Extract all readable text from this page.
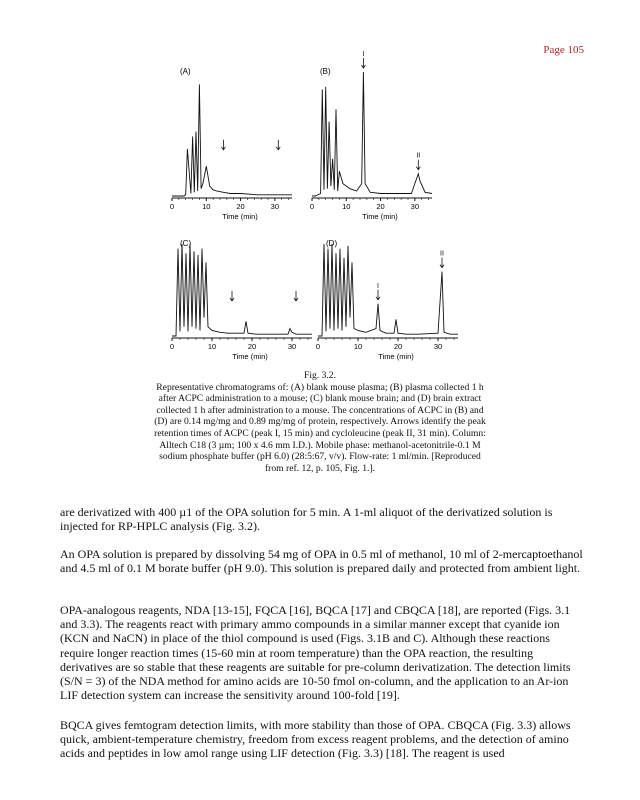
Page 105
(A)
0	10	20	30
Time (min)
(B)
0	10	20	30
Time (min)
I
II
(C)
0	10	20	30
Time (min)
(D)
0	10	20	30
Time (min)
I
II
Fig. 3.2.
Representative chromatograms of: (A) blank mouse plasma; (B) plasma collected 1 h after ACPC administration to a mouse; (C) blank mouse brain; and (D) brain extract collected 1 h after administration to a mouse. The concentrations of ACPC in (B) and (D) are 0.14 mg/mg and 0.89 mg/mg of protein, respectively. Arrows identify the peak retention times of ACPC (peak I, 15 min) and cycloleucine (peak II, 31 min). Column: Alltech C18 (3 µm; 100 x 4.6 mm I.D.). Mobile phase: methanol-acetonitrile-0.1 M sodium phosphate buffer (pH 6.0) (28:5:67, v/v). Flow-rate: 1 ml/min. [Reproduced from ref. 12, p. 105, Fig. 1.].

are derivatized with 400 µ1 of the OPA solution for 5 min. A 1-ml aliquot of the derivatized solution is injected for RP-HPLC analysis (Fig. 3.2).

An OPA solution is prepared by dissolving 54 mg of OPA in 0.5 ml of methanol, 10 ml of 2-mercaptoethanol and 4.5 ml of 0.1 M borate buffer (pH 9.0). This solution is prepared daily and protected from ambient light.

OPA-analogous reagents, NDA [13-15], FQCA [16], BQCA [17] and CBQCA [18], are reported (Figs. 3.1 and 3.3). The reagents react with primary ammo compounds in a similar manner except that cyanide ion (KCN and NaCN) in place of the thiol compound is used (Figs. 3.1B and C). Although these reactions require longer reaction times (15-60 min at room temperature) than the OPA reaction, the resulting derivatives are so stable that these reagents are suitable for pre-column derivatization. The detection limits (S/N = 3) of the NDA method for amino acids are 10-50 fmol on-column, and the application to an Ar-ion LIF detection system can increase the sensitivity around 100-fold [19].

BQCA gives femtogram detection limits, with more stability than those of OPA. CBQCA (Fig. 3.3) allows quick, ambient-temperature chemistry, freedom from excess reagent problems, and the detection of amino acids and peptides in low amol range using LIF detection (Fig. 3.3) [18]. The reagent is used
